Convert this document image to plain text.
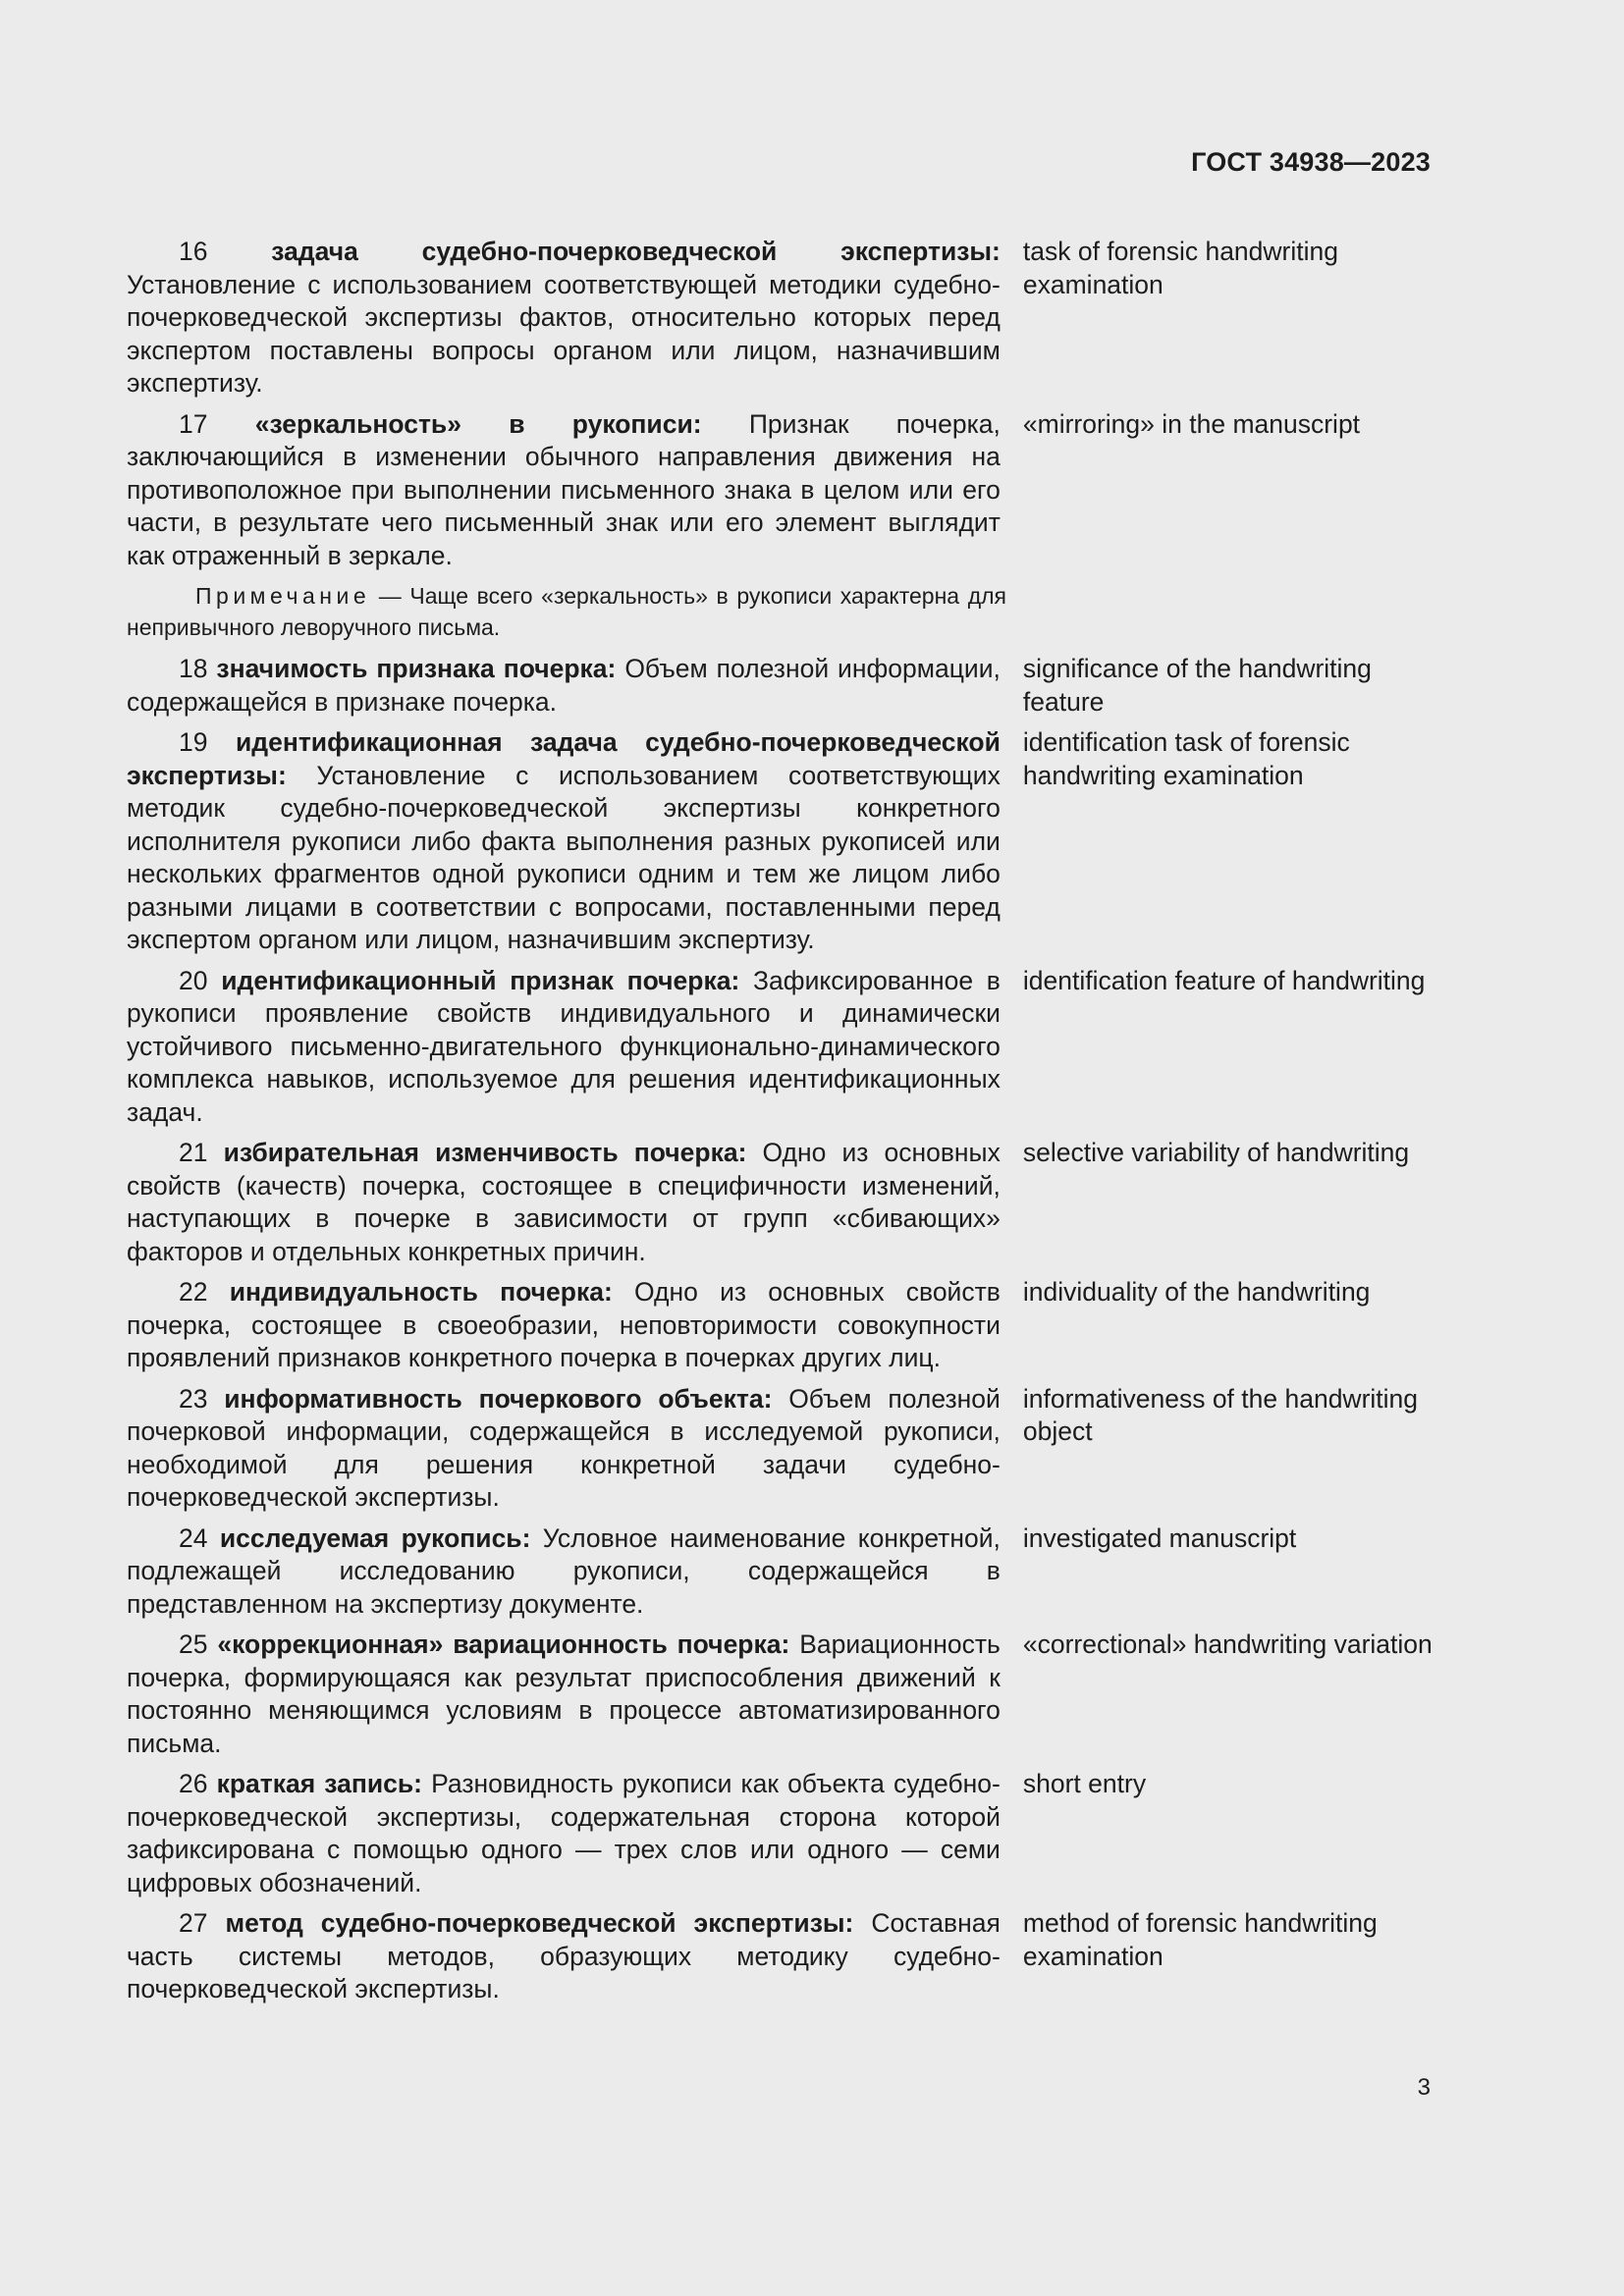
ГОСТ 34938—2023
16 задача судебно-почерковедческой экспертизы: Установление с использованием соответствующей методики судебно-почерковедческой экспертизы фактов, относительно которых перед экспертом поставлены вопросы органом или лицом, назначившим экспертизу.
task of forensic handwriting examination
17 «зеркальность» в рукописи: Признак почерка, заключающийся в изменении обычного направления движения на противоположное при выполнении письменного знака в целом или его части, в результате чего письменный знак или его элемент выглядит как отраженный в зеркале.
«mirroring» in the manuscript
Примечание — Чаще всего «зеркальность» в рукописи характерна для непривычного леворучного письма.
18 значимость признака почерка: Объем полезной информации, содержащейся в признаке почерка.
significance of the handwriting feature
19 идентификационная задача судебно-почерковедческой экспертизы: Установление с использованием соответствующих методик судебно-почерковедческой экспертизы конкретного исполнителя рукописи либо факта выполнения разных рукописей или нескольких фрагментов одной рукописи одним и тем же лицом либо разными лицами в соответствии с вопросами, поставленными перед экспертом органом или лицом, назначившим экспертизу.
identification task of forensic handwriting examination
20 идентификационный признак почерка: Зафиксированное в рукописи проявление свойств индивидуального и динамически устойчивого письменно-двигательного функционально-динамического комплекса навыков, используемое для решения идентификационных задач.
identification feature of handwriting
21 избирательная изменчивость почерка: Одно из основных свойств (качеств) почерка, состоящее в специфичности изменений, наступающих в почерке в зависимости от групп «сбивающих» факторов и отдельных конкретных причин.
selective variability of handwriting
22 индивидуальность почерка: Одно из основных свойств почерка, состоящее в своеобразии, неповторимости совокупности проявлений признаков конкретного почерка в почерках других лиц.
individuality of the handwriting
23 информативность почеркового объекта: Объем полезной почерковой информации, содержащейся в исследуемой рукописи, необходимой для решения конкретной задачи судебно-почерковедческой экспертизы.
informativeness of the handwriting object
24 исследуемая рукопись: Условное наименование конкретной, подлежащей исследованию рукописи, содержащейся в представленном на экспертизу документе.
investigated manuscript
25 «коррекционная» вариационность почерка: Вариационность почерка, формирующаяся как результат приспособления движений к постоянно меняющимся условиям в процессе автоматизированного письма.
«correctional» handwriting variation
26 краткая запись: Разновидность рукописи как объекта судебно-почерковедческой экспертизы, содержательная сторона которой зафиксирована с помощью одного — трех слов или одного — семи цифровых обозначений.
short entry
27 метод судебно-почерковедческой экспертизы: Составная часть системы методов, образующих методику судебно-почерковедческой экспертизы.
method of forensic handwriting examination
3
